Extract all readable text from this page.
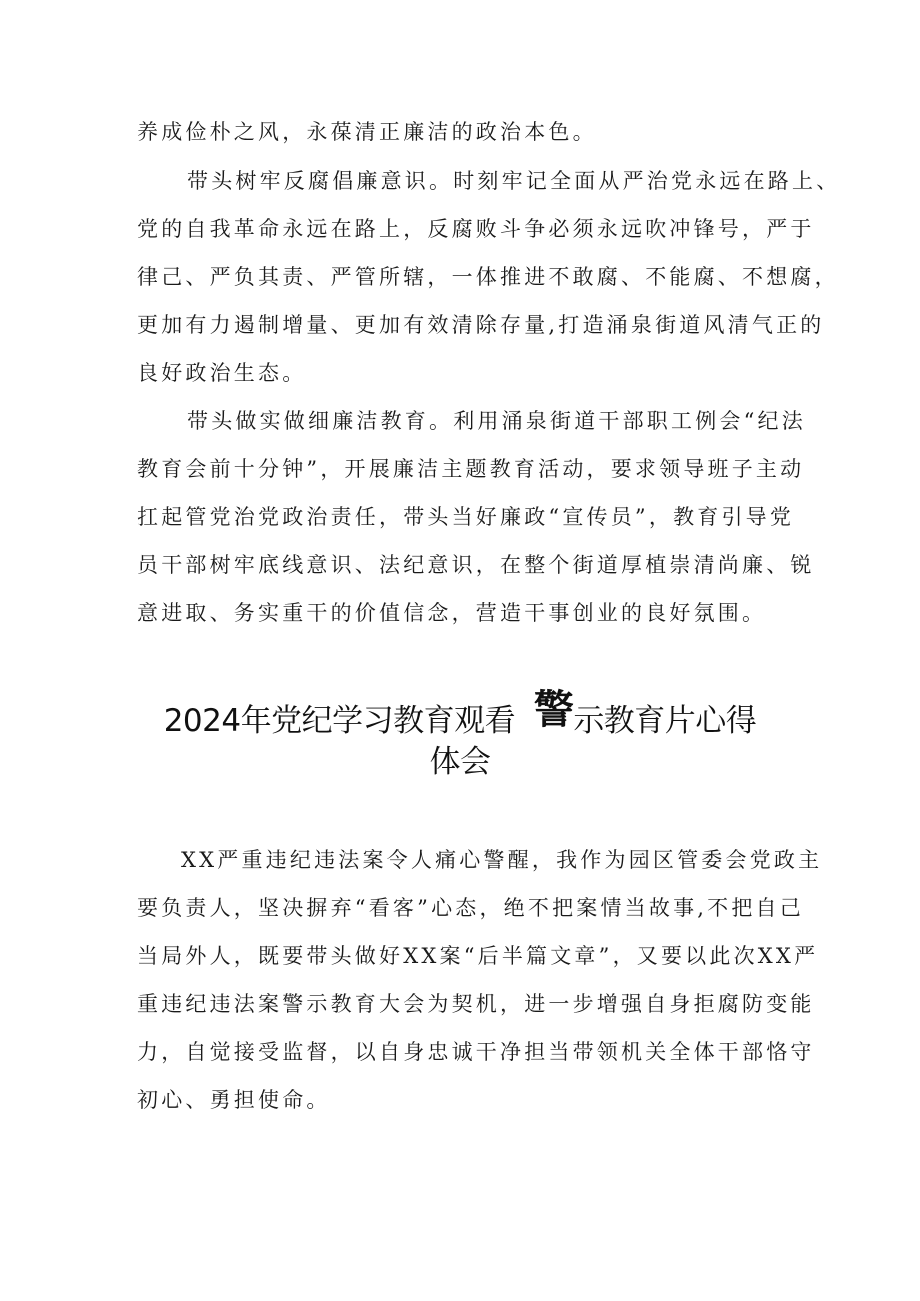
养成俭朴之风，永葆清正廉洁的政治本色。
带头树牢反腐倡廉意识。时刻牢记全面从严治党永远在路上、
党的自我革命永远在路上，反腐败斗争必须永远吹冲锋号，严于
律己、严负其责、严管所辖，一体推进不敢腐、不能腐、不想腐，
更加有力遏制增量、更加有效清除存量,打造涌泉街道风清气正的
良好政治生态。
带头做实做细廉洁教育。利用涌泉街道干部职工例会“纪法
教育会前十分钟”，开展廉洁主题教育活动，要求领导班子主动
扛起管党治党政治责任，带头当好廉政“宣传员”，教育引导党
员干部树牢底线意识、法纪意识，在整个街道厚植崇清尚廉、锐
意进取、务实重干的价值信念，营造干事创业的良好氛围。
2024年党纪学习教育观看 警示教育片心得
体会
XX严重违纪违法案令人痛心警醒，我作为园区管委会党政主
要负责人，坚决摒弃“看客”心态，绝不把案情当故事,不把自己
当局外人，既要带头做好XX案“后半篇文章”，又要以此次XX严
重违纪违法案警示教育大会为契机，进一步增强自身拒腐防变能
力，自觉接受监督，以自身忠诚干净担当带领机关全体干部恪守
初心、勇担使命。
